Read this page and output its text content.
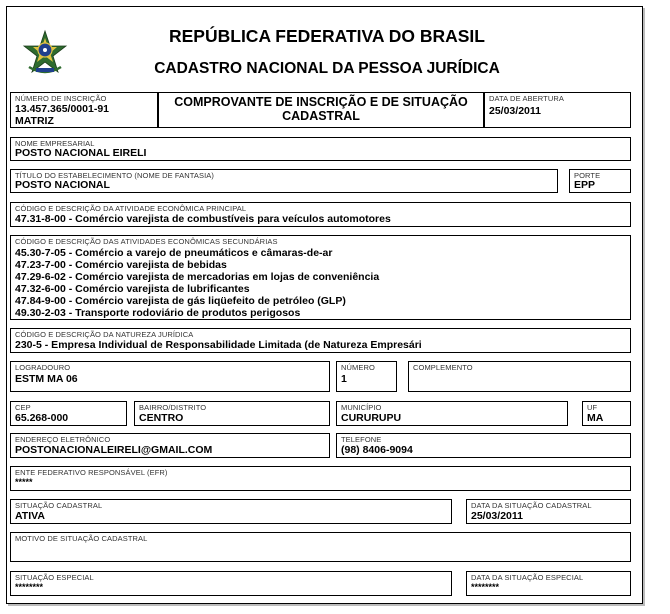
REPÚBLICA FEDERATIVA DO BRASIL
CADASTRO NACIONAL DA PESSOA JURÍDICA
NÚMERO DE INSCRIÇÃO
13.457.365/0001-91
MATRIZ
COMPROVANTE DE INSCRIÇÃO E DE SITUAÇÃO
CADASTRAL
DATA DE ABERTURA
25/03/2011
NOME EMPRESARIAL
POSTO NACIONAL EIRELI
TÍTULO DO ESTABELECIMENTO (NOME DE FANTASIA)
POSTO NACIONAL
PORTE
EPP
CÓDIGO E DESCRIÇÃO DA ATIVIDADE ECONÔMICA PRINCIPAL
47.31-8-00 - Comércio varejista de combustíveis para veículos automotores
CÓDIGO E DESCRIÇÃO DAS ATIVIDADES ECONÔMICAS SECUNDÁRIAS
45.30-7-05 - Comércio a varejo de pneumáticos e câmaras-de-ar
47.23-7-00 - Comércio varejista de bebidas
47.29-6-02 - Comércio varejista de mercadorias em lojas de conveniência
47.32-6-00 - Comércio varejista de lubrificantes
47.84-9-00 - Comércio varejista de gás liqüefeito de petróleo (GLP)
49.30-2-03 - Transporte rodoviário de produtos perigosos
CÓDIGO E DESCRIÇÃO DA NATUREZA JURÍDICA
230-5 - Empresa Individual de Responsabilidade Limitada (de Natureza Empresári
LOGRADOURO
ESTM MA 06
NÚMERO
1
COMPLEMENTO
CEP
65.268-000
BAIRRO/DISTRITO
CENTRO
MUNICÍPIO
CURURUPU
UF
MA
ENDEREÇO ELETRÔNICO
POSTONACIONALEIRELI@GMAIL.COM
TELEFONE
(98) 8406-9094
ENTE FEDERATIVO RESPONSÁVEL (EFR)
*****
SITUAÇÃO CADASTRAL
ATIVA
DATA DA SITUAÇÃO CADASTRAL
25/03/2011
MOTIVO DE SITUAÇÃO CADASTRAL
SITUAÇÃO ESPECIAL
********
DATA DA SITUAÇÃO ESPECIAL
********
